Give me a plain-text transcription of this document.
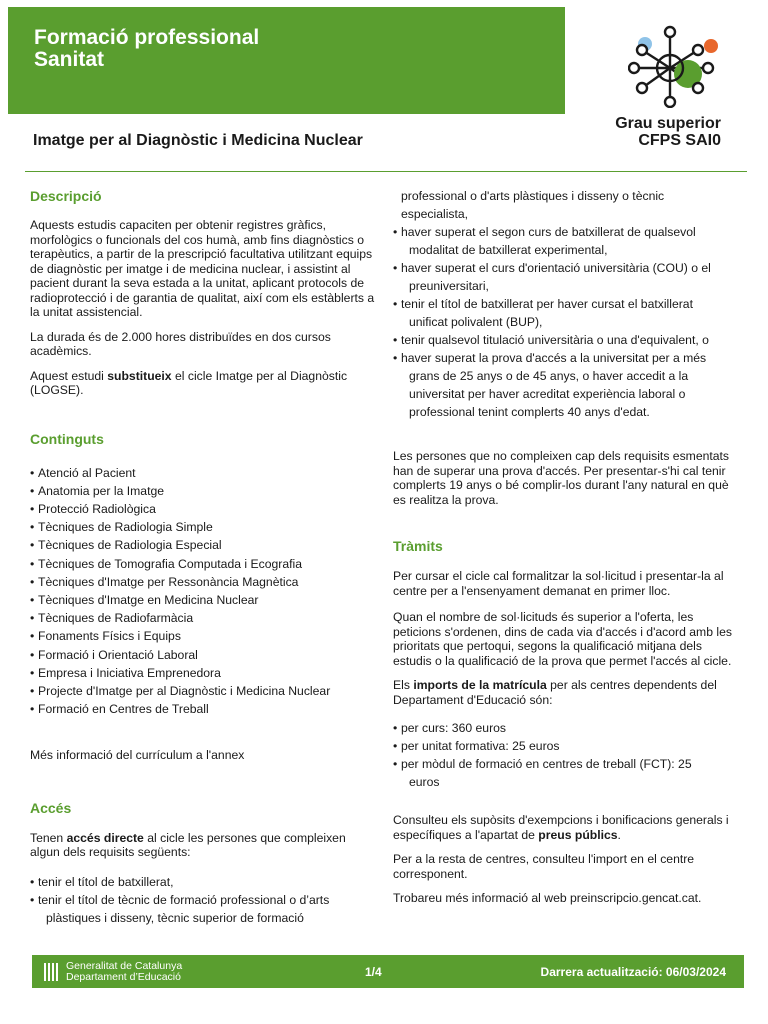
Formació professional
Sanitat
Grau superior
CFPS SAI0
Imatge per al Diagnòstic i Medicina Nuclear
Descripció

Aquests estudis capaciten per obtenir registres gràfics, morfològics o funcionals del cos humà, amb fins diagnòstics o terapèutics, a partir de la prescripció facultativa utilitzant equips de diagnòstic per imatge i de medicina nuclear, i assistint al pacient durant la seva estada a la unitat, aplicant protocols de radioprotecció i de garantia de qualitat, així com els estàblerts a la unitat assistencial.

La durada és de 2.000 hores distribuïdes en dos cursos acadèmics.

Aquest estudi substitueix el cicle Imatge per al Diagnòstic (LOGSE).

Continguts
• Atenció al Pacient
• Anatomia per la Imatge
• Protecció Radiològica
• Tècniques de Radiologia Simple
• Tècniques de Radiologia Especial
• Tècniques de Tomografia Computada i Ecografia
• Tècniques d'Imatge per Ressonància Magnètica
• Tècniques d'Imatge en Medicina Nuclear
• Tècniques de Radiofarmàcia
• Fonaments Físics i Equips
• Formació i Orientació Laboral
• Empresa i Iniciativa Emprenedora
• Projecte d'Imatge per al Diagnòstic i Medicina Nuclear
• Formació en Centres de Treball

Més informació del currículum a l'annex

Accés

Tenen accés directe al cicle les persones que compleixen algun dels requisits següents:

• tenir el títol de batxillerat,
• tenir el títol de tècnic de formació professional o d’arts
plàstiques i disseny, tècnic superior de formació
professional o d'arts plàstiques i disseny o tècnic
especialista,
• haver superat el segon curs de batxillerat de qualsevol
modalitat de batxillerat experimental,
• haver superat el curs d'orientació universitària (COU) o el
preuniversitari,
• tenir el títol de batxillerat per haver cursat el batxillerat
unificat polivalent (BUP),
• tenir qualsevol titulació universitària o una d'equivalent, o
• haver superat la prova d'accés a la universitat per a més
grans de 25 anys o de 45 anys, o haver accedit a la
universitat per haver acreditat experiència laboral o
professional tenint complerts 40 anys d'edat.

Les persones que no compleixen cap dels requisits esmentats han de superar una prova d'accés. Per presentar-s'hi cal tenir complerts 19 anys o bé complir-los durant l'any natural en què es realitza la prova.

Tràmits

Per cursar el cicle cal formalitzar la sol·licitud i presentar-la al centre per a l'ensenyament demanat en primer lloc.

Quan el nombre de sol·licituds és superior a l'oferta, les peticions s'ordenen, dins de cada via d'accés i d'acord amb les prioritats que pertoqui, segons la qualificació mitjana dels estudis o la qualificació de la prova que permet l'accés al cicle.

Els imports de la matrícula per als centres dependents del Departament d'Educació són:

• per curs: 360 euros
• per unitat formativa: 25 euros
• per mòdul de formació en centres de treball (FCT): 25
euros

Consulteu els supòsits d'exempcions i bonificacions generals i específiques a l'apartat de preus públics.

Per a la resta de centres, consulteu l'import en el centre corresponent.

Trobareu més informació al web preinscripcio.gencat.cat.

Generalitat de Catalunya
Departament d’Educació	1/4	Darrera actualització: 06/03/2024
